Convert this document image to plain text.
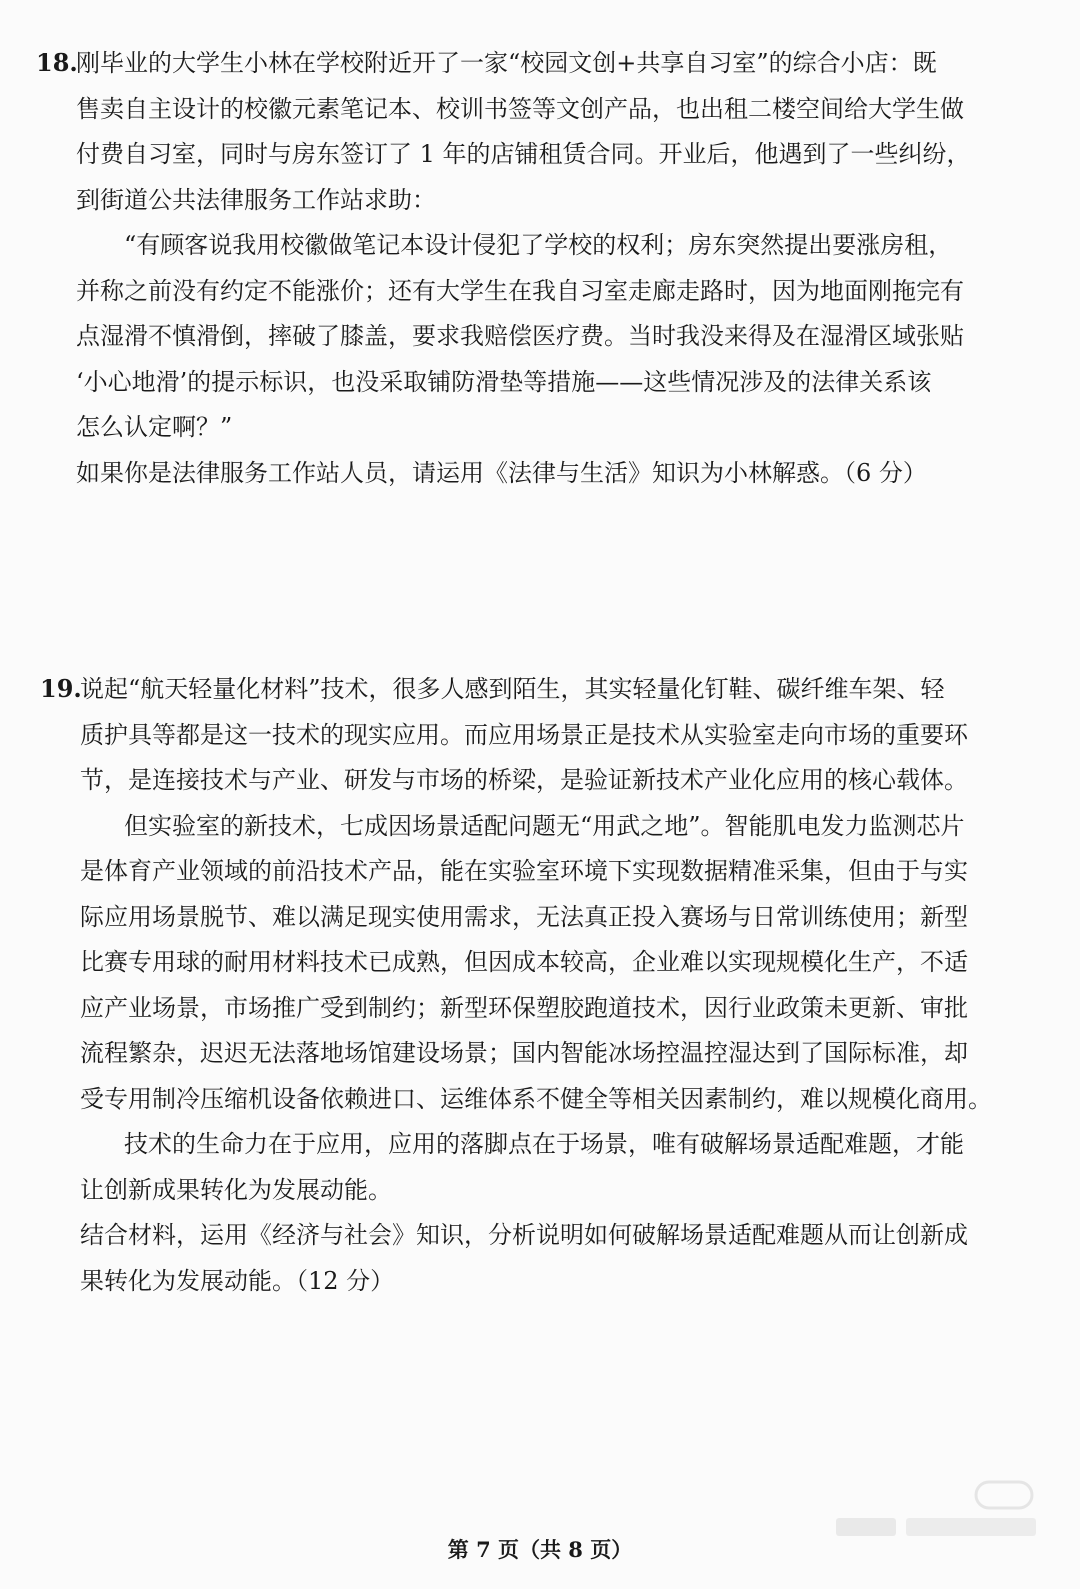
18.刚毕业的大学生小林在学校附近开了一家“校园文创+共享自习室”的综合小店：既
售卖自主设计的校徽元素笔记本、校训书签等文创产品，也出租二楼空间给大学生做
付费自习室，同时与房东签订了 1 年的店铺租赁合同。开业后，他遇到了一些纠纷，
到街道公共法律服务工作站求助：
“有顾客说我用校徽做笔记本设计侵犯了学校的权利；房东突然提出要涨房租，
并称之前没有约定不能涨价；还有大学生在我自习室走廊走路时，因为地面刚拖完有
点湿滑不慎滑倒，摔破了膝盖，要求我赔偿医疗费。当时我没来得及在湿滑区域张贴
‘小心地滑’的提示标识，也没采取铺防滑垫等措施——这些情况涉及的法律关系该
怎么认定啊？”
如果你是法律服务工作站人员，请运用《法律与生活》知识为小林解惑。（6 分）
19.说起“航天轻量化材料”技术，很多人感到陌生，其实轻量化钉鞋、碳纤维车架、轻
质护具等都是这一技术的现实应用。而应用场景正是技术从实验室走向市场的重要环
节，是连接技术与产业、研发与市场的桥梁，是验证新技术产业化应用的核心载体。
但实验室的新技术，七成因场景适配问题无“用武之地”。智能肌电发力监测芯片
是体育产业领域的前沿技术产品，能在实验室环境下实现数据精准采集，但由于与实
际应用场景脱节、难以满足现实使用需求，无法真正投入赛场与日常训练使用；新型
比赛专用球的耐用材料技术已成熟，但因成本较高，企业难以实现规模化生产，不适
应产业场景，市场推广受到制约；新型环保塑胶跑道技术，因行业政策未更新、审批
流程繁杂，迟迟无法落地场馆建设场景；国内智能冰场控温控湿达到了国际标准，却
受专用制冷压缩机设备依赖进口、运维体系不健全等相关因素制约，难以规模化商用。
技术的生命力在于应用，应用的落脚点在于场景，唯有破解场景适配难题，才能
让创新成果转化为发展动能。
结合材料，运用《经济与社会》知识，分析说明如何破解场景适配难题从而让创新成
果转化为发展动能。（12 分）
第 7 页（共 8 页）
